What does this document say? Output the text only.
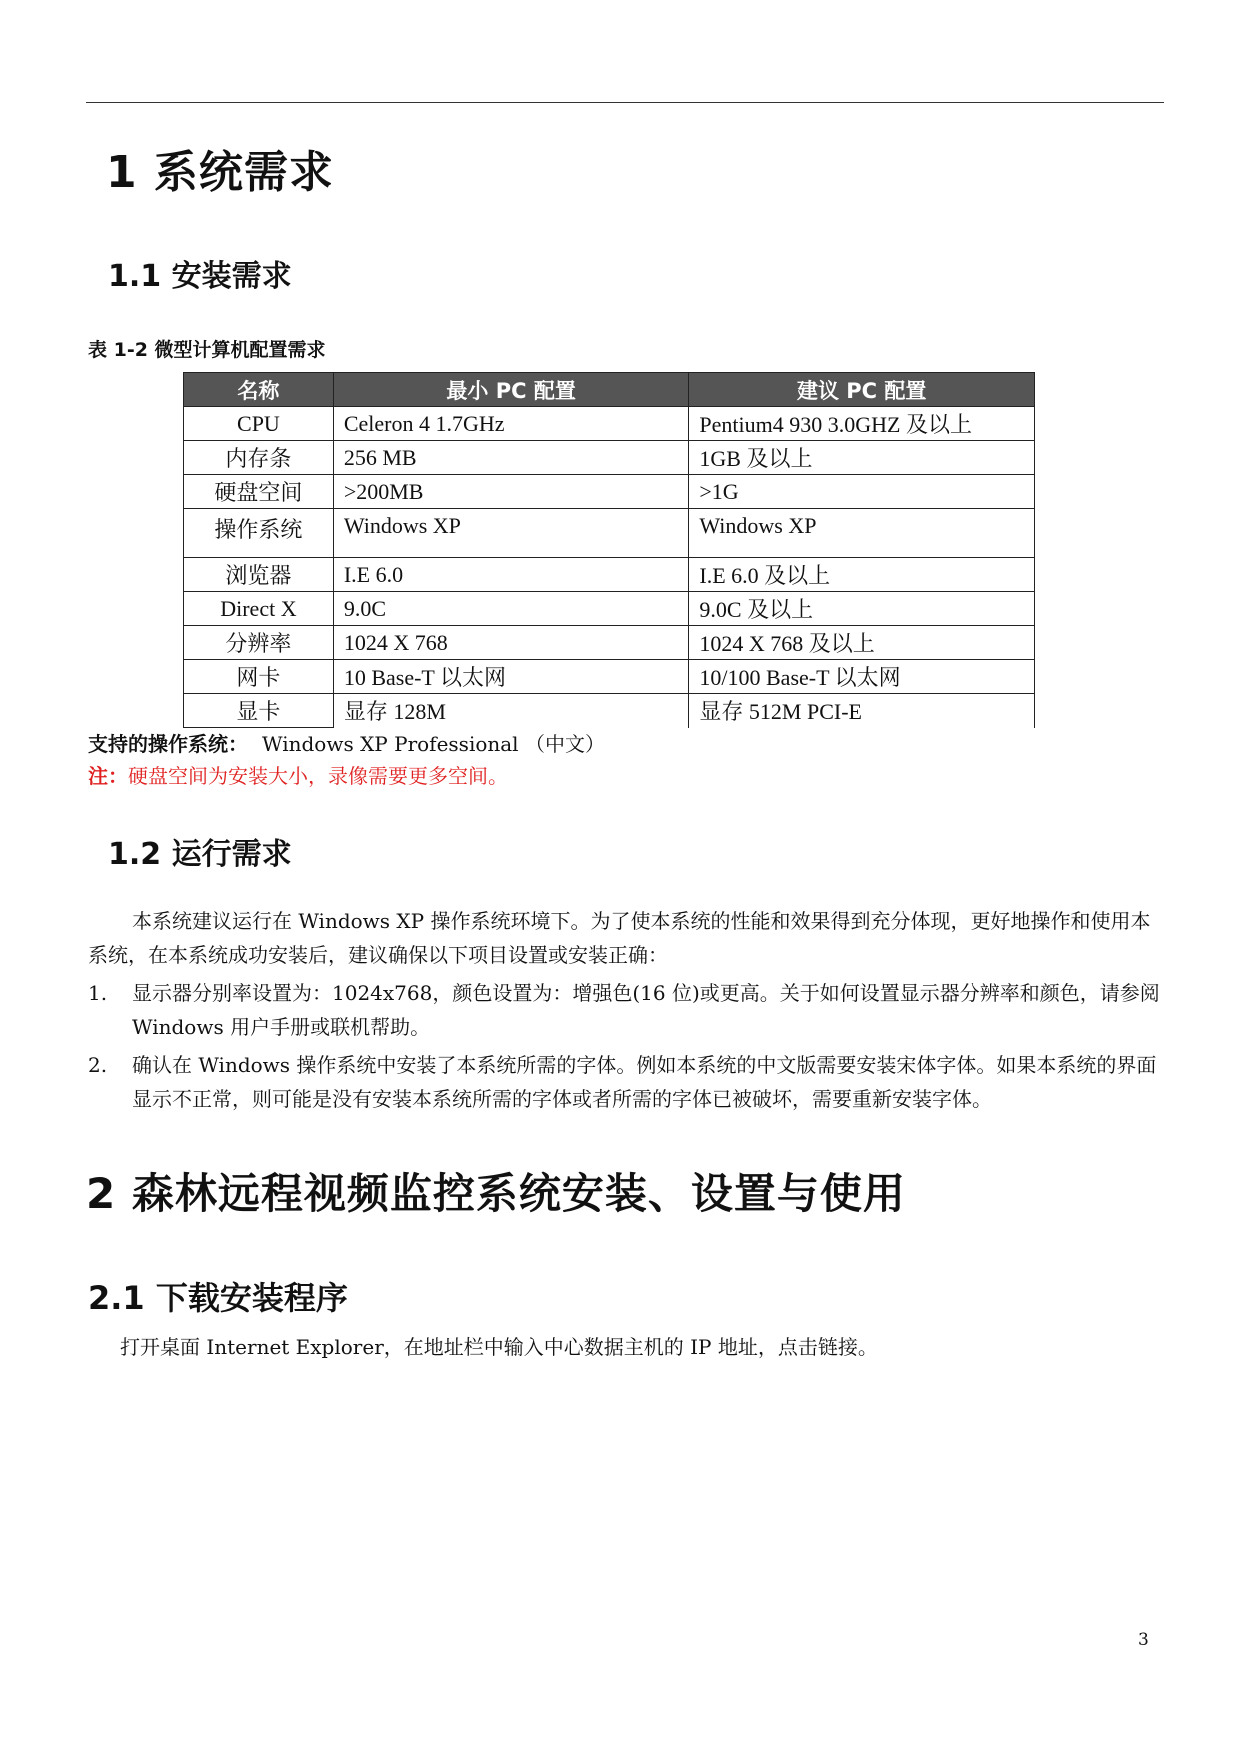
1 系统需求
1.1 安装需求
表 1-2 微型计算机配置需求
名称	最小 PC 配置	建议 PC 配置
CPU	Celeron 4 1.7GHz	Pentium4 930 3.0GHZ 及以上
内存条	256 MB	1GB 及以上
硬盘空间	>200MB	>1G
操作系统	Windows XP	Windows XP
浏览器	I.E 6.0	I.E 6.0 及以上
Direct X	9.0C	9.0C 及以上
分辨率	1024 X 768	1024 X 768 及以上
网卡	10 Base-T 以太网	10/100 Base-T 以太网
显卡	显存 128M	显存 512M PCI-E
支持的操作系统： Windows XP Professional （中文）
注：硬盘空间为安装大小，录像需要更多空间。
1.2 运行需求
本系统建议运行在 Windows XP 操作系统环境下。为了使本系统的性能和效果得到充分体现，更好地操作和使用本系统，在本系统成功安装后，建议确保以下项目设置或安装正确：
1. 显示器分别率设置为：1024x768，颜色设置为：增强色(16 位)或更高。关于如何设置显示器分辨率和颜色，请参阅 Windows 用户手册或联机帮助。
2. 确认在 Windows 操作系统中安装了本系统所需的字体。例如本系统的中文版需要安装宋体字体。如果本系统的界面显示不正常，则可能是没有安装本系统所需的字体或者所需的字体已被破坏，需要重新安装字体。
2 森林远程视频监控系统安装、设置与使用
2.1 下载安装程序
打开桌面 Internet Explorer，在地址栏中输入中心数据主机的 IP 地址，点击链接。
3
